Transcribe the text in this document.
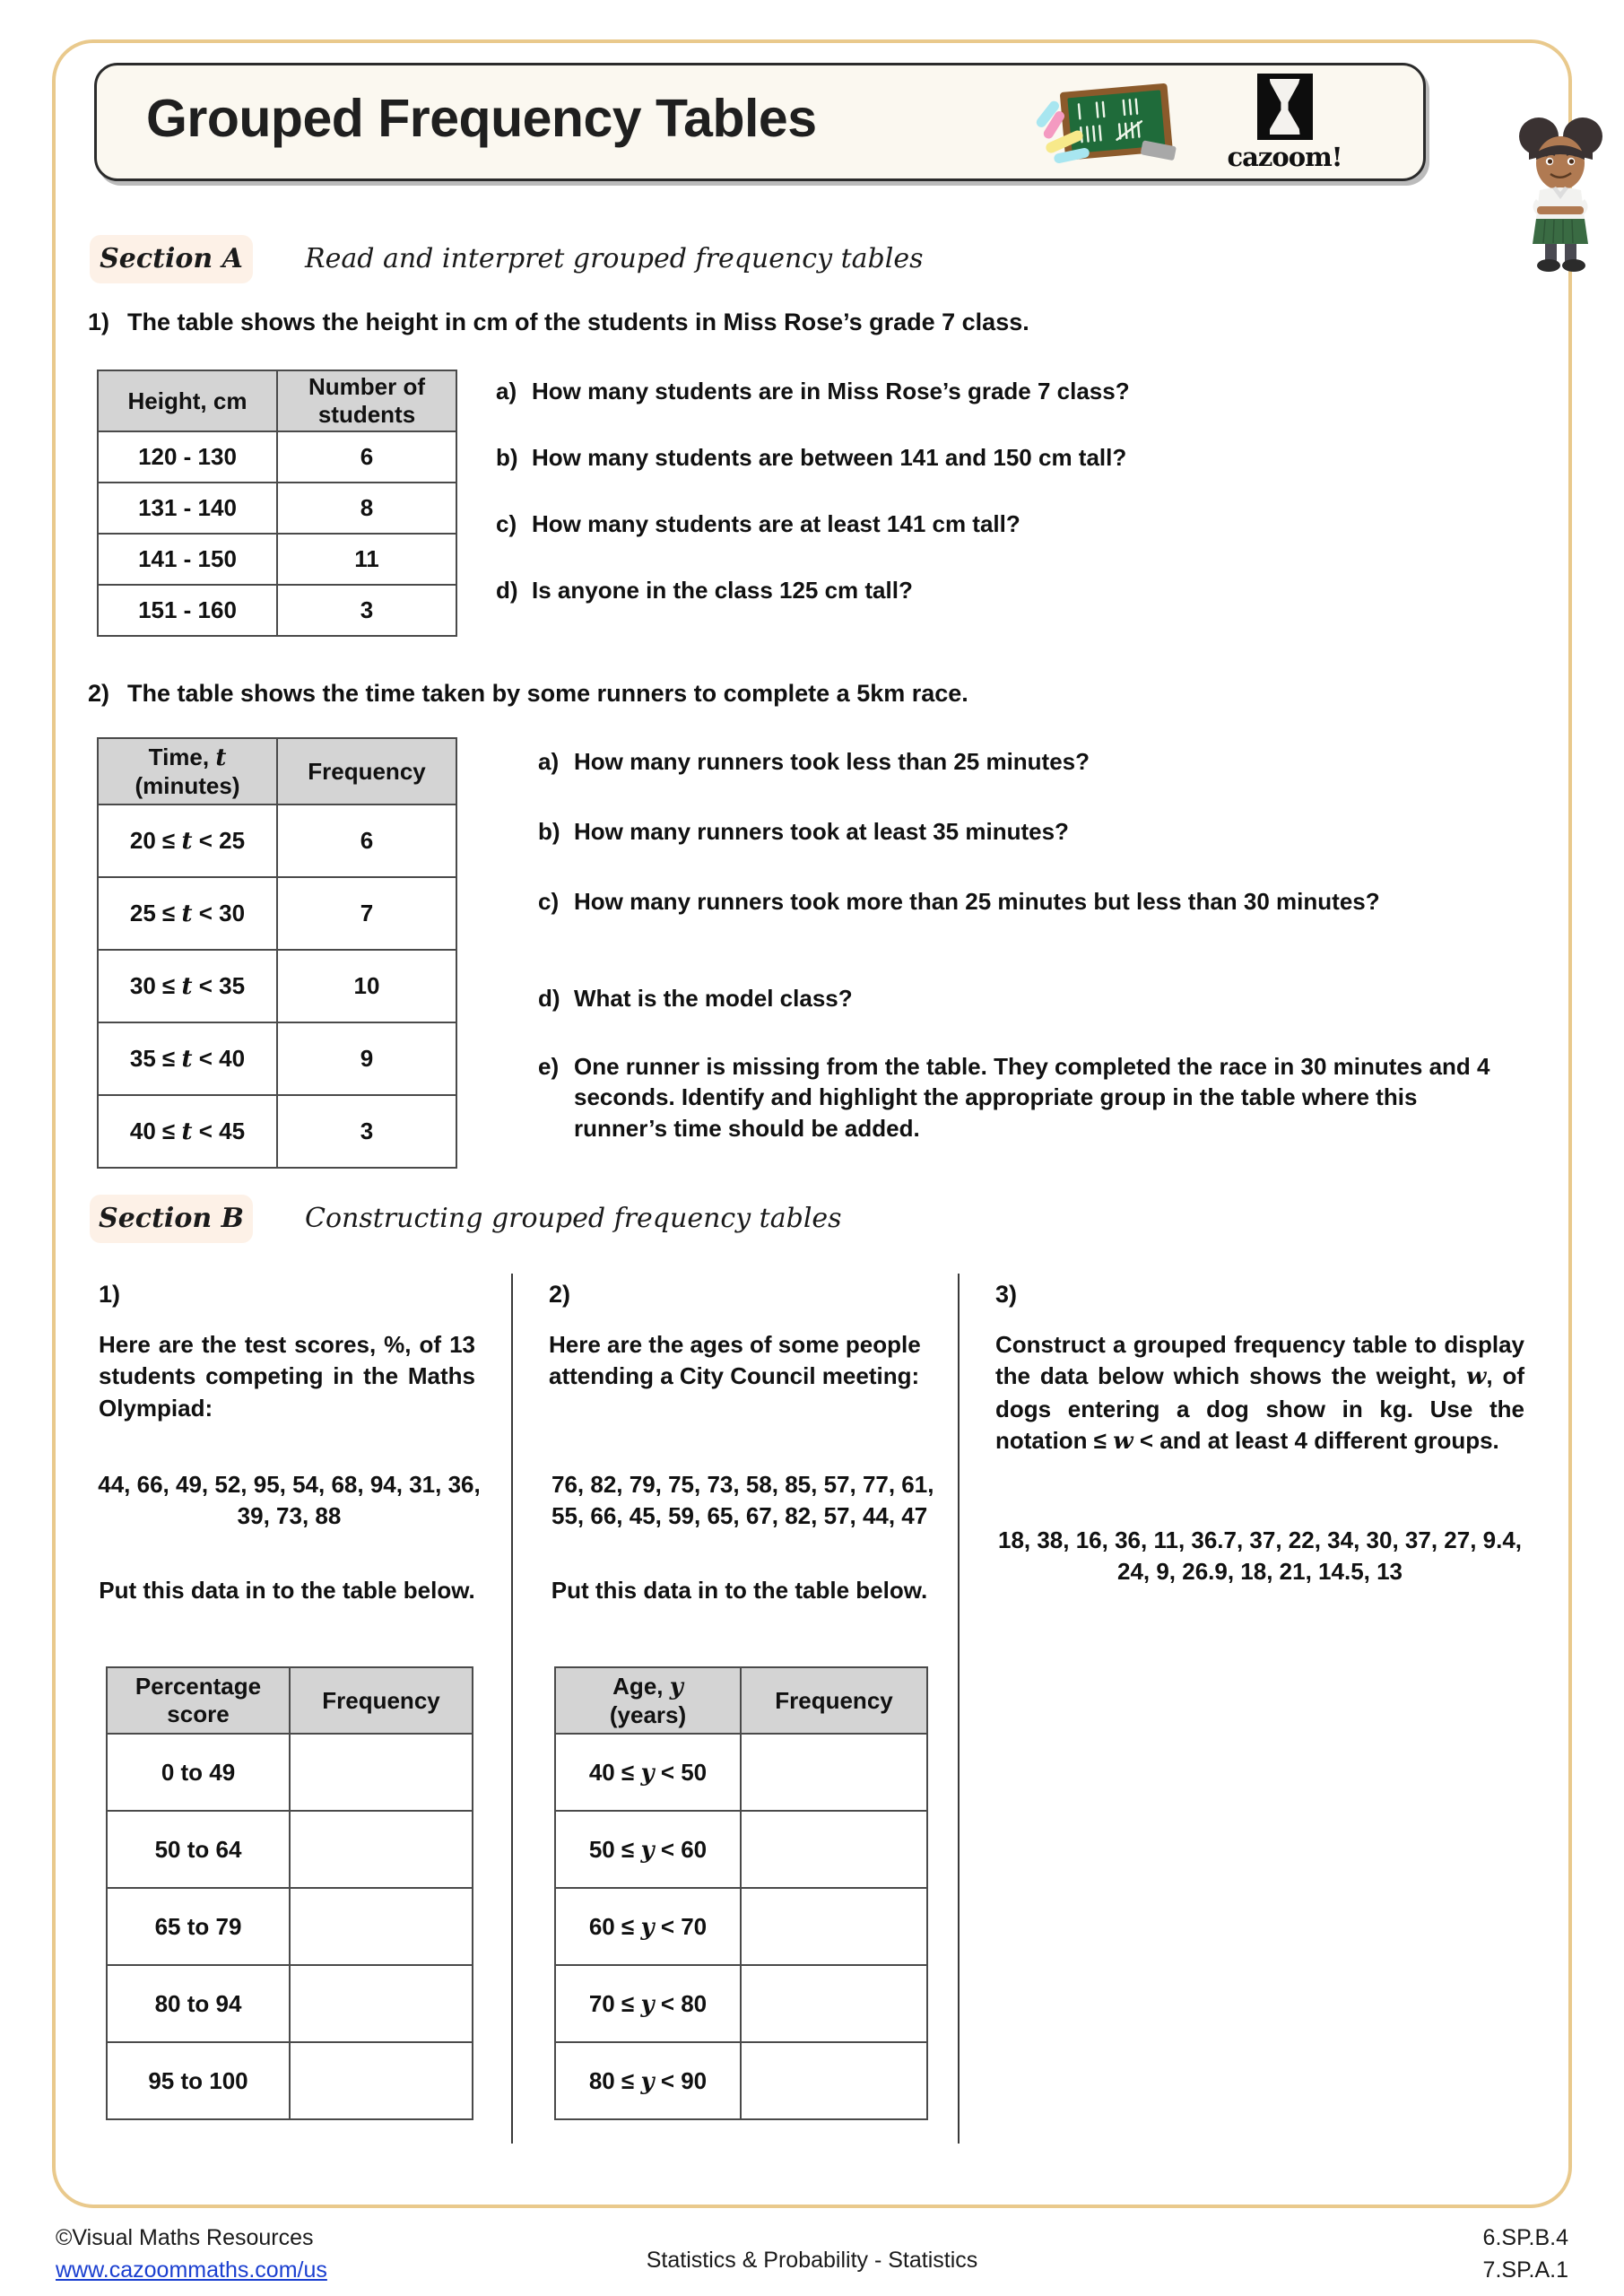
Grouped Frequency Tables
cazoom!
Section A	Read and interpret grouped frequency tables
1) The table shows the height in cm of the students in Miss Rose’s grade 7 class.
Height, cm	Number of students
120 - 130	6
131 - 140	8
141 - 150	11
151 - 160	3
a) How many students are in Miss Rose’s grade 7 class?
b) How many students are between 141 and 150 cm tall?
c) How many students are at least 141 cm tall?
d) Is anyone in the class 125 cm tall?
2) The table shows the time taken by some runners to complete a 5km race.
Time, t
(minutes)	Frequency
20 ≤ t < 25	6
25 ≤ t < 30	7
30 ≤ t < 35	10
35 ≤ t < 40	9
40 ≤ t < 45	3
a) How many runners took less than 25 minutes?
b) How many runners took at least 35 minutes?
c) How many runners took more than 25 minutes but less than 30 minutes?
d) What is the model class?
e) One runner is missing from the table. They completed the race in 30 minutes and 4 seconds. Identify and highlight the appropriate group in the table where this runner’s time should be added.
Section B	Constructing grouped frequency tables
1)
Here are the test scores, %, of 13 students competing in the Maths Olympiad:
44, 66, 49, 52, 95, 54, 68, 94, 31, 36, 39, 73, 88
Put this data in to the table below.
Percentage score	Frequency
0 to 49	
50 to 64	
65 to 79	
80 to 94	
95 to 100	
2)
Here are the ages of some people attending a City Council meeting:
76, 82, 79, 75, 73, 58, 85, 57, 77, 61, 55, 66, 45, 59, 65, 67, 82, 57, 44, 47
Put this data in to the table below.
Age, y
(years)	Frequency
40 ≤ y < 50	
50 ≤ y < 60	
60 ≤ y < 70	
70 ≤ y < 80	
80 ≤ y < 90	
3)
Construct a grouped frequency table to display the data below which shows the weight, w, of dogs entering a dog show in kg. Use the notation ≤ w < and at least 4 different groups.
18, 38, 16, 36, 11, 36.7, 37, 22, 34, 30, 37, 27, 9.4, 24, 9, 26.9, 18, 21, 14.5, 13
©Visual Maths Resources
www.cazoommaths.com/us	Statistics & Probability - Statistics
6.SP.B.4
7.SP.A.1
